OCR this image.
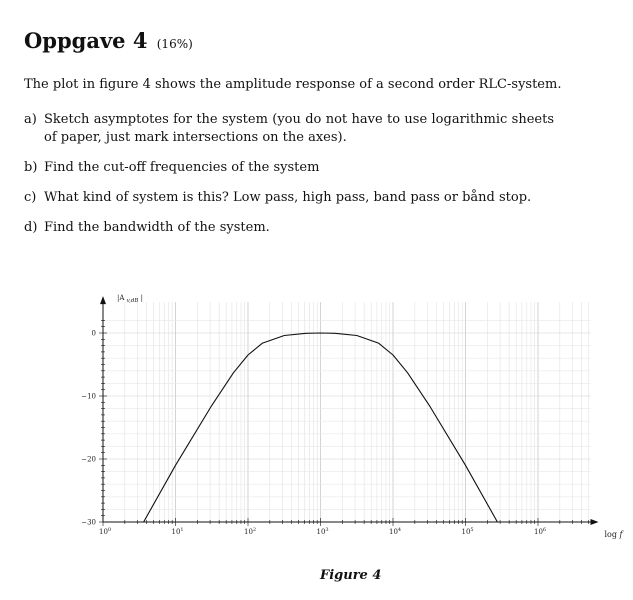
Oppgave 4 (16%)
The plot in figure 4 shows the amplitude response of a second order RLC-system.
a) Sketch asymptotes for the system (you do not have to use logarithmic sheets of paper, just mark intersections on the axes).
b) Find the cut-off frequencies of the system
c) What kind of system is this? Low pass, high pass, band pass or bånd stop.
d) Find the bandwidth of the system.
0
−10
−20
−30
$10^0$	$10^1$	$10^2$	$10^3$	$10^4$	$10^5$	$10^6$
|A $_{v,dB}$ |
log f
Figure 4
